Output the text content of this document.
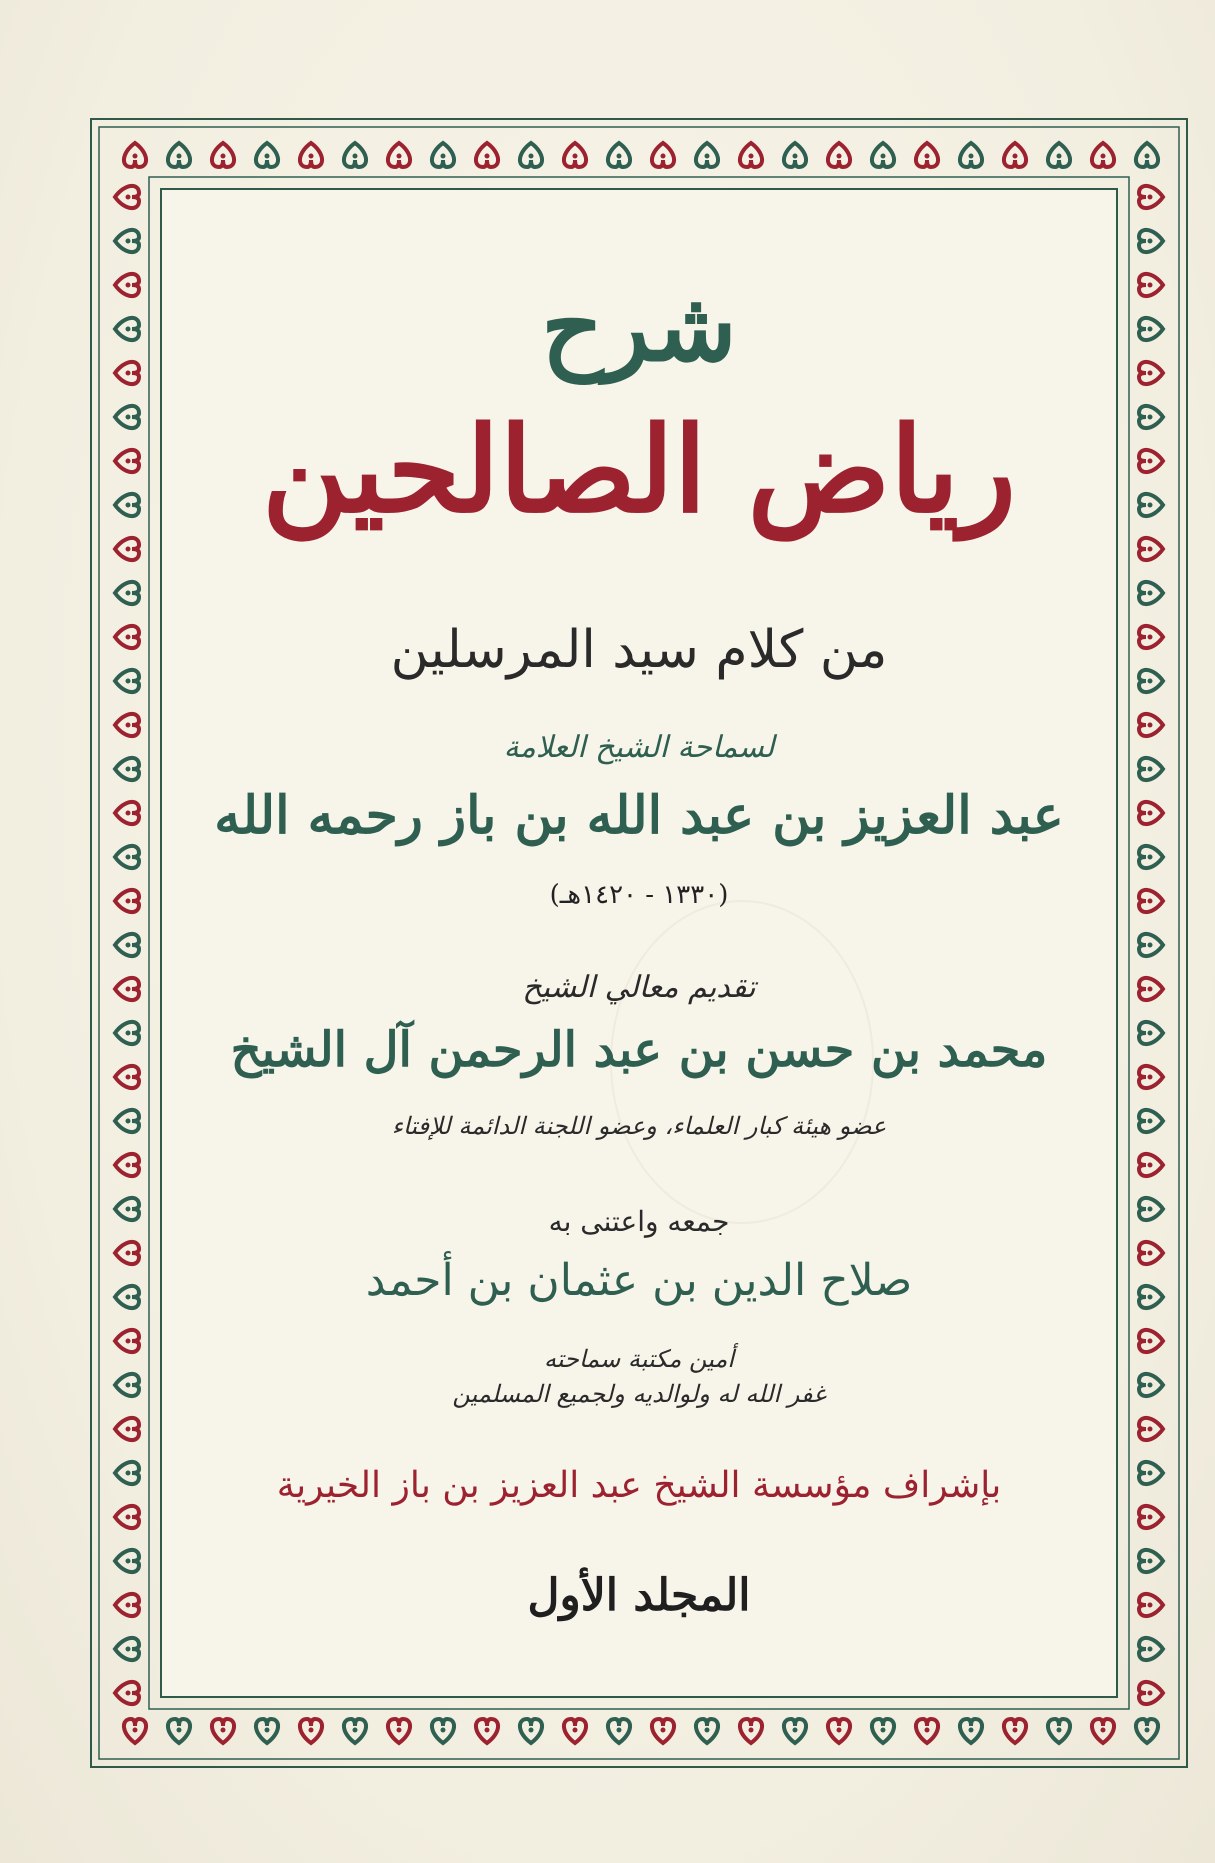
شرح
رياض الصالحين
من كلام سيد المرسلين
لسماحة الشيخ العلامة
عبد العزيز بن عبد الله بن باز رحمه الله
(١٣٣٠ - ١٤٢٠هـ)
تقديم معالي الشيخ
محمد بن حسن بن عبد الرحمن آل الشيخ
عضو هيئة كبار العلماء، وعضو اللجنة الدائمة للإفتاء
جمعه واعتنى به
صلاح الدين بن عثمان بن أحمد
أمين مكتبة سماحته
غفر الله له ولوالديه ولجميع المسلمين
بإشراف مؤسسة الشيخ عبد العزيز بن باز الخيرية
المجلد الأول
